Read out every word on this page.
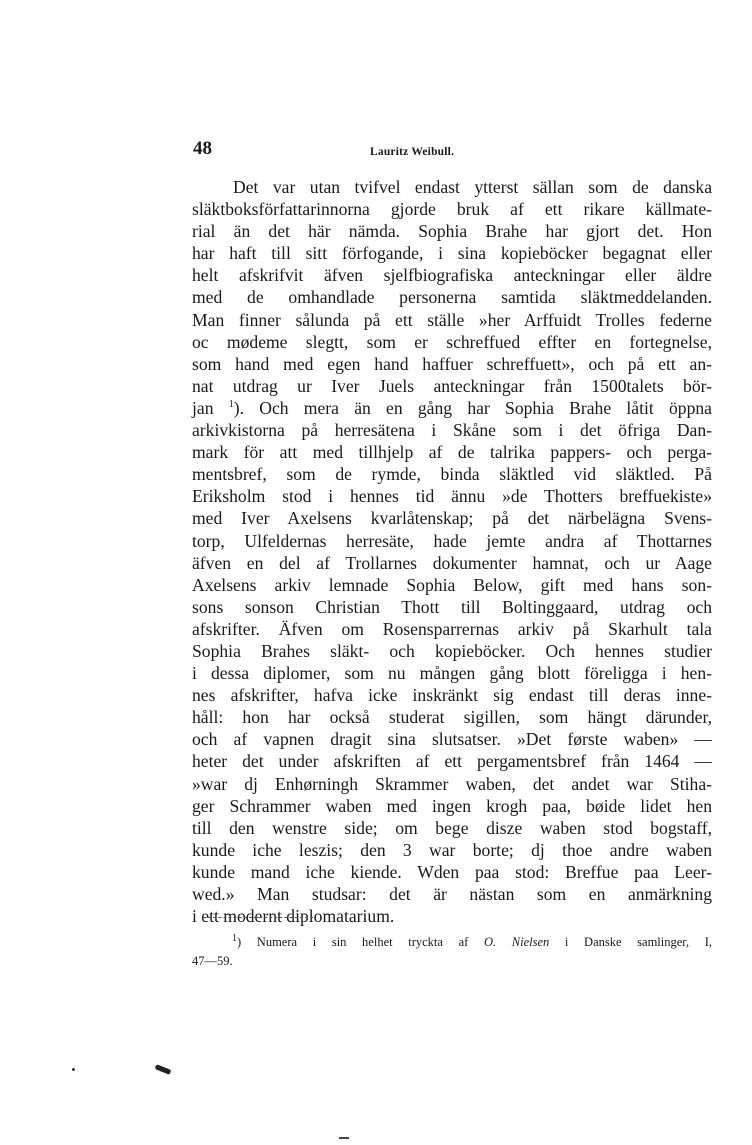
48	Lauritz Weibull.
Det var utan tvifvel endast ytterst sällan som de danska
släktboksförfattarinnorna gjorde bruk af ett rikare källmate-
rial än det här nämda. Sophia Brahe har gjort det. Hon
har haft till sitt förfogande, i sina kopieböcker begagnat eller
helt afskrifvit äfven sjelfbiografiska anteckningar eller äldre
med de omhandlade personerna samtida släktmeddelanden.
Man finner sålunda på ett ställe »her Arffuidt Trolles federne
oc mødeme slegtt, som er schreffued effter en fortegnelse,
som hand med egen hand haffuer schreffuett», och på ett an-
nat utdrag ur Iver Juels anteckningar från 1500talets bör-
jan $^1$). Och mera än en gång har Sophia Brahe låtit öppna
arkivkistorna på herresätena i Skåne som i det öfriga Dan-
mark för att med tillhjelp af de talrika pappers- och perga-
mentsbref, som de rymde, binda släktled vid släktled. På
Eriksholm stod i hennes tid ännu »de Thotters breffuekiste»
med Iver Axelsens kvarlåtenskap; på det närbelägna Svens-
torp, Ulfeldernas herresäte, hade jemte andra af Thottarnes
äfven en del af Trollarnes dokumenter hamnat, och ur Aage
Axelsens arkiv lemnade Sophia Below, gift med hans son-
sons sonson Christian Thott till Boltinggaard, utdrag och
afskrifter. Äfven om Rosensparrernas arkiv på Skarhult tala
Sophia Brahes släkt- och kopieböcker. Och hennes studier
i dessa diplomer, som nu mången gång blott föreligga i hen-
nes afskrifter, hafva icke inskränkt sig endast till deras inne-
håll: hon har också studerat sigillen, som hängt därunder,
och af vapnen dragit sina slutsatser. »Det første waben» —
heter det under afskriften af ett pergamentsbref från 1464 —
»war dj Enhørningh Skrammer waben, det andet war Stiha-
ger Schrammer waben med ingen krogh paa, bøide lidet hen
till den wenstre side; om bege disze waben stod bogstaff,
kunde iche leszis; den 3 war borte; dj thoe andre waben
kunde mand iche kiende. Wden paa stod: Breffue paa Leer-
wed.» Man studsar: det är nästan som en anmärkning
i ett modernt diplomatarium.
$^1$) Numera i sin helhet tryckta af O. Nielsen i Danske samlinger, I,
47—59.
